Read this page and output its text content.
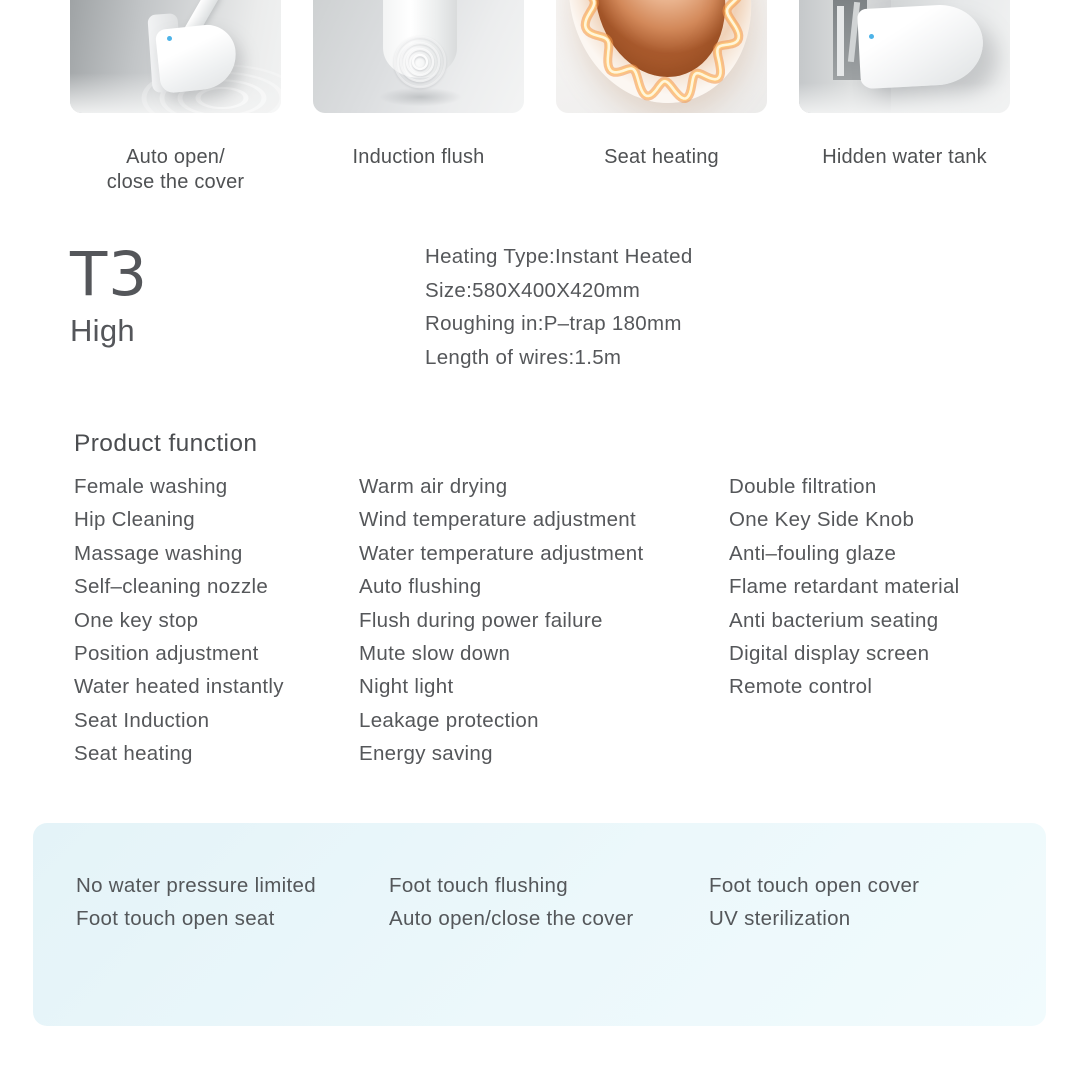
Auto open/
close the cover
Induction flush	Seat heating	Hidden water tank
T3
High
Heating Type:Instant Heated
Size:580X400X420mm
Roughing in:P–trap 180mm
Length of wires:1.5m
Product function
Female washing
Hip Cleaning
Massage washing
Self–cleaning nozzle
One key stop
Position adjustment
Water heated instantly
Seat Induction
Seat heating
Warm air drying
Wind temperature adjustment
Water temperature adjustment
Auto flushing
Flush during power failure
Mute slow down
Night light
Leakage protection
Energy saving
Double filtration
One Key Side Knob
Anti–fouling glaze
Flame retardant material
Anti bacterium seating
Digital display screen
Remote control
No water pressure limited
Foot touch open seat
Foot touch flushing
Auto open/close the cover
Foot touch open cover
UV sterilization
